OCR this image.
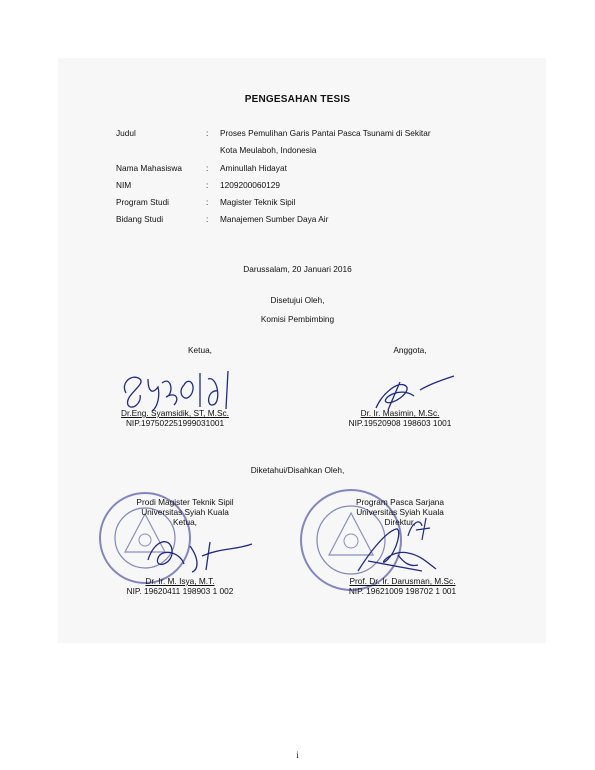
PENGESAHAN TESIS
Judul	:	Proses Pemulihan Garis Pantai Pasca Tsunami di Sekitar
Kota Meulaboh, Indonesia
Nama Mahasiswa	:	Aminullah Hidayat
NIM	:	1209200060129
Program Studi	:	Magister Teknik Sipil
Bidang Studi	:	Manajemen Sumber Daya Air
Darussalam, 20 Januari 2016
Disetujui Oleh,
Komisi Pembimbing
Ketua,
Dr.Eng. Syamsidik, ST, M.Sc.
NIP.197502251999031001
Anggota,
Dr. Ir. Masimin, M.Sc.
NIP.19520908 198603 1001
Diketahui/Disahkan Oleh,
Prodi Magister Teknik Sipil
Universitas Syiah Kuala
Ketua,
Dr. Ir. M. Isya, M.T.
NIP. 19620411 198903 1 002
Program Pasca Sarjana
Universitas Syiah Kuala
Direktur,
Prof. Dr. Ir. Darusman, M.Sc.
NIP. 19621009 198702 1 001
i
